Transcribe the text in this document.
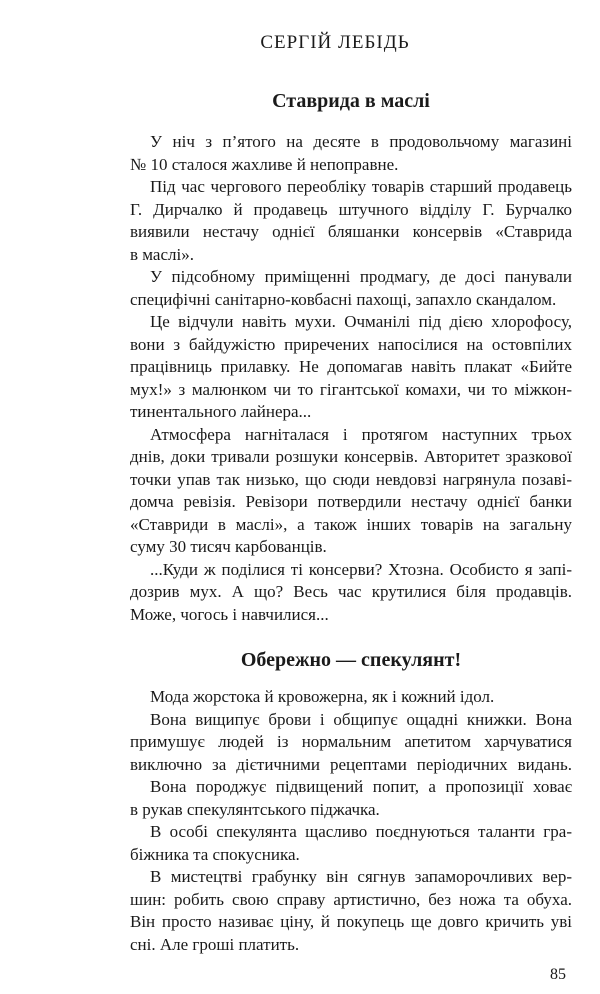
СЕРГІЙ ЛЕБІДЬ
Ставрида в маслі
У ніч з п’ятого на десяте в продовольчому магазині
№ 10 сталося жахливе й непоправне.
Під час чергового переобліку товарів старший продавець
Г. Дирчалко й продавець штучного відділу Г. Бурчалко
виявили нестачу однієї бляшанки консервів «Ставрида
в маслі».
У підсобному приміщенні продмагу, де досі панували
специфічні санітарно-ковбасні пахощі, запахло скандалом.
Це відчули навіть мухи. Очманілі під дією хлорофосу,
вони з байдужістю приречених напосілися на остовпілих
працівниць прилавку. Не допомагав навіть плакат «Бийте
мух!» з малюнком чи то гігантської комахи, чи то міжкон-
тинентального лайнера...
Атмосфера нагніталася і протягом наступних трьох
днів, доки тривали розшуки консервів. Авторитет зразкової
точки упав так низько, що сюди невдовзі нагрянула позаві-
домча ревізія. Ревізори потвердили нестачу однієї банки
«Ставриди в маслі», а також інших товарів на загальну
суму 30 тисяч карбованців.
...Куди ж поділися ті консерви? Хтозна. Особисто я запі-
дозрив мух. А що? Весь час крутилися біля продавців.
Може, чогось і навчилися...
Обережно — спекулянт!
Мода жорстока й кровожерна, як і кожний ідол.
Вона вищипує брови і общипує ощадні книжки. Вона
примушує людей із нормальним апетитом харчуватися
виключно за дієтичними рецептами періодичних видань.
Вона породжує підвищений попит, а пропозиції ховає
в рукав спекулянтського піджачка.
В особі спекулянта щасливо поєднуються таланти гра-
біжника та спокусника.
В мистецтві грабунку він сягнув запаморочливих вер-
шин: робить свою справу артистично, без ножа та обуха.
Він просто називає ціну, й покупець ще довго кричить уві
сні. Але гроші платить.
85
